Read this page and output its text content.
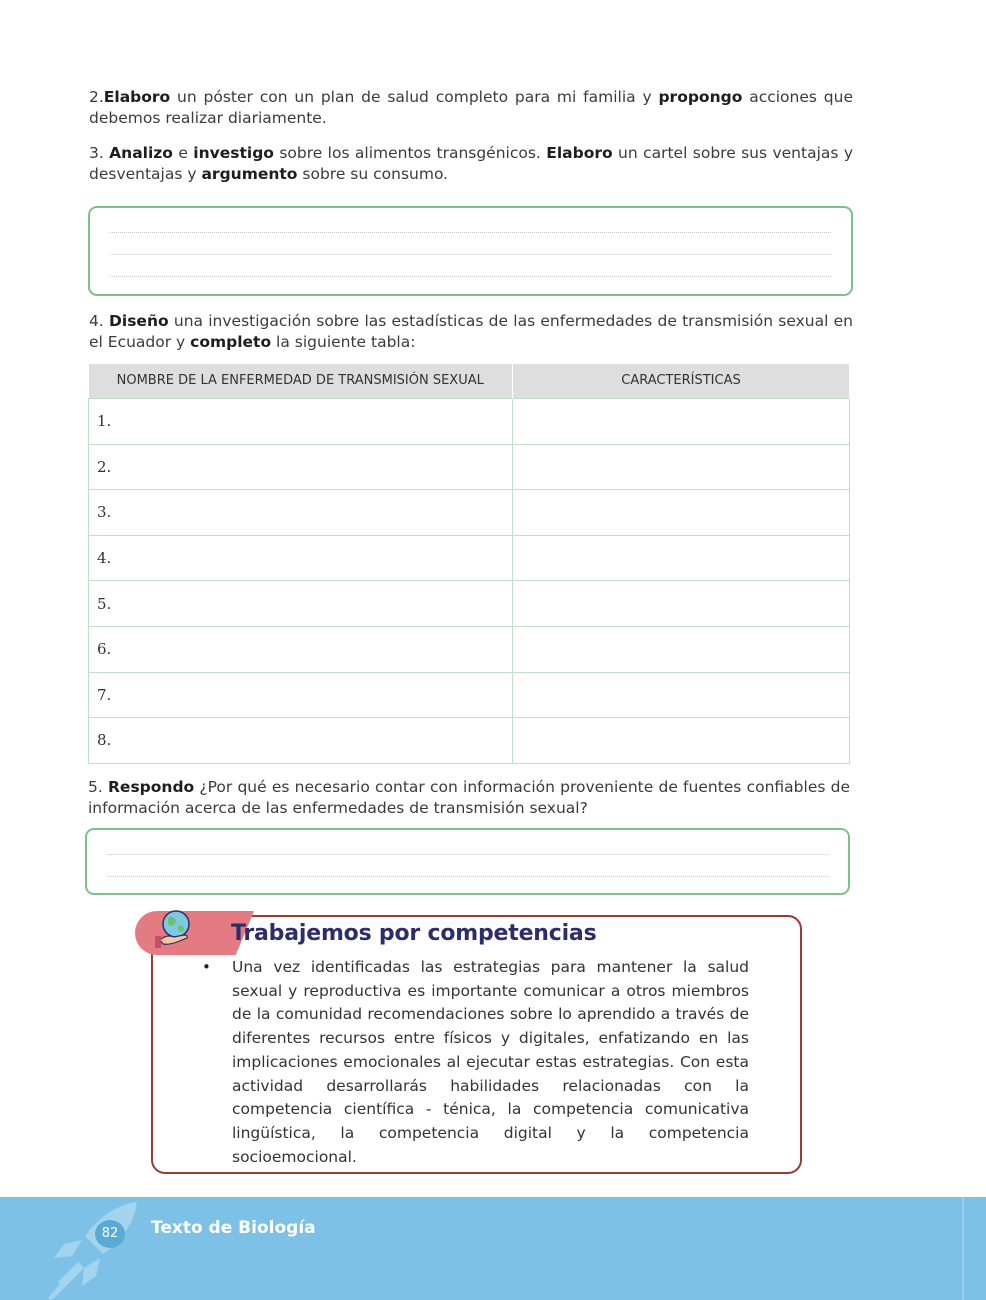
2.Elaboro un póster con un plan de salud completo para mi familia y propongo acciones que debemos realizar diariamente.
3. Analizo e investigo sobre los alimentos transgénicos. Elaboro un cartel sobre sus ventajas y desventajas y argumento sobre su consumo.
4. Diseño una investigación sobre las estadísticas de las enfermedades de transmisión sexual en el Ecuador y completo la siguiente tabla:
NOMBRE DE LA ENFERMEDAD DE TRANSMISIÓN SEXUAL	CARACTERÍSTICAS
1.	
2.	
3.	
4.	
5.	
6.	
7.	
8.	
5. Respondo ¿Por qué es necesario contar con información proveniente de fuentes confiables de información acerca de las enfermedades de transmisión sexual?
Trabajemos por competencias
• Una vez identificadas las estrategias para mantener la salud sexual y reproductiva es importante comunicar a otros miembros de la comunidad recomendaciones sobre lo aprendido a través de diferentes recursos entre físicos y digitales, enfatizando en las implicaciones emocionales al ejecutar estas estrategias. Con esta actividad desarrollarás habilidades relacionadas con la competencia científica - ténica, la competencia comunicativa lingüística, la competencia digital y la competencia socioemocional.
82	Texto de Biología
